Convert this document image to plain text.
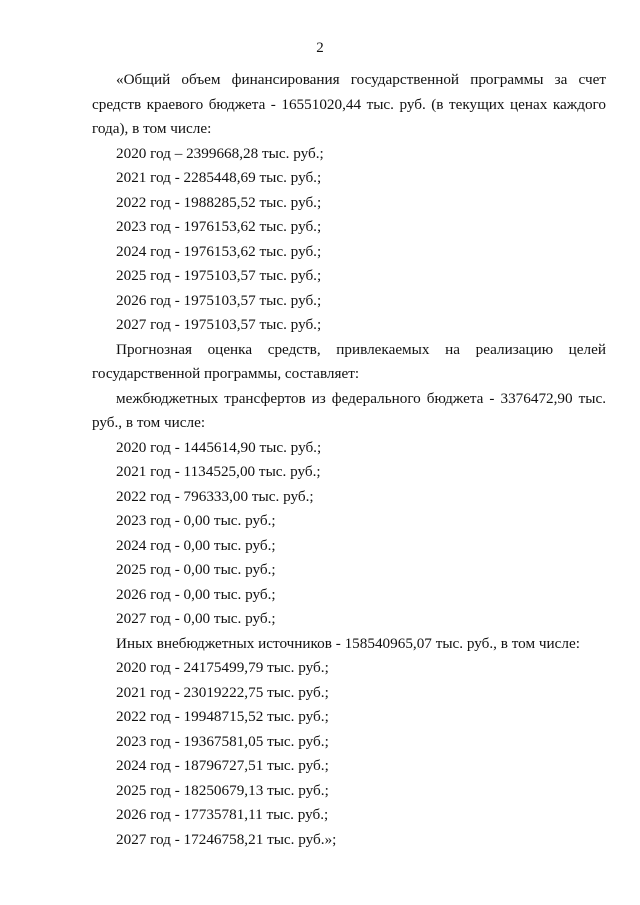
2

«Общий объем финансирования государственной программы за счет средств краевого бюджета - 16551020,44 тыс. руб. (в текущих ценах каждого года), в том числе:

2020 год – 2399668,28 тыс. руб.;

2021 год - 2285448,69 тыс. руб.;

2022 год - 1988285,52 тыс. руб.;

2023 год - 1976153,62 тыс. руб.;

2024 год - 1976153,62 тыс. руб.;

2025 год - 1975103,57 тыс. руб.;

2026 год - 1975103,57 тыс. руб.;

2027 год - 1975103,57 тыс. руб.;

Прогнозная оценка средств, привлекаемых на реализацию целей государственной программы, составляет:

межбюджетных трансфертов из федерального бюджета - 3376472,90 тыс. руб., в том числе:

2020 год - 1445614,90 тыс. руб.;

2021 год - 1134525,00 тыс. руб.;

2022 год - 796333,00 тыс. руб.;

2023 год - 0,00 тыс. руб.;

2024 год - 0,00 тыс. руб.;

2025 год - 0,00 тыс. руб.;

2026 год - 0,00 тыс. руб.;

2027 год - 0,00 тыс. руб.;

Иных внебюджетных источников - 158540965,07 тыс. руб., в том числе:

2020 год - 24175499,79 тыс. руб.;

2021 год - 23019222,75 тыс. руб.;

2022 год - 19948715,52 тыс. руб.;

2023 год - 19367581,05 тыс. руб.;

2024 год - 18796727,51 тыс. руб.;

2025 год - 18250679,13 тыс. руб.;

2026 год - 17735781,11 тыс. руб.;

2027 год - 17246758,21 тыс. руб.»;
